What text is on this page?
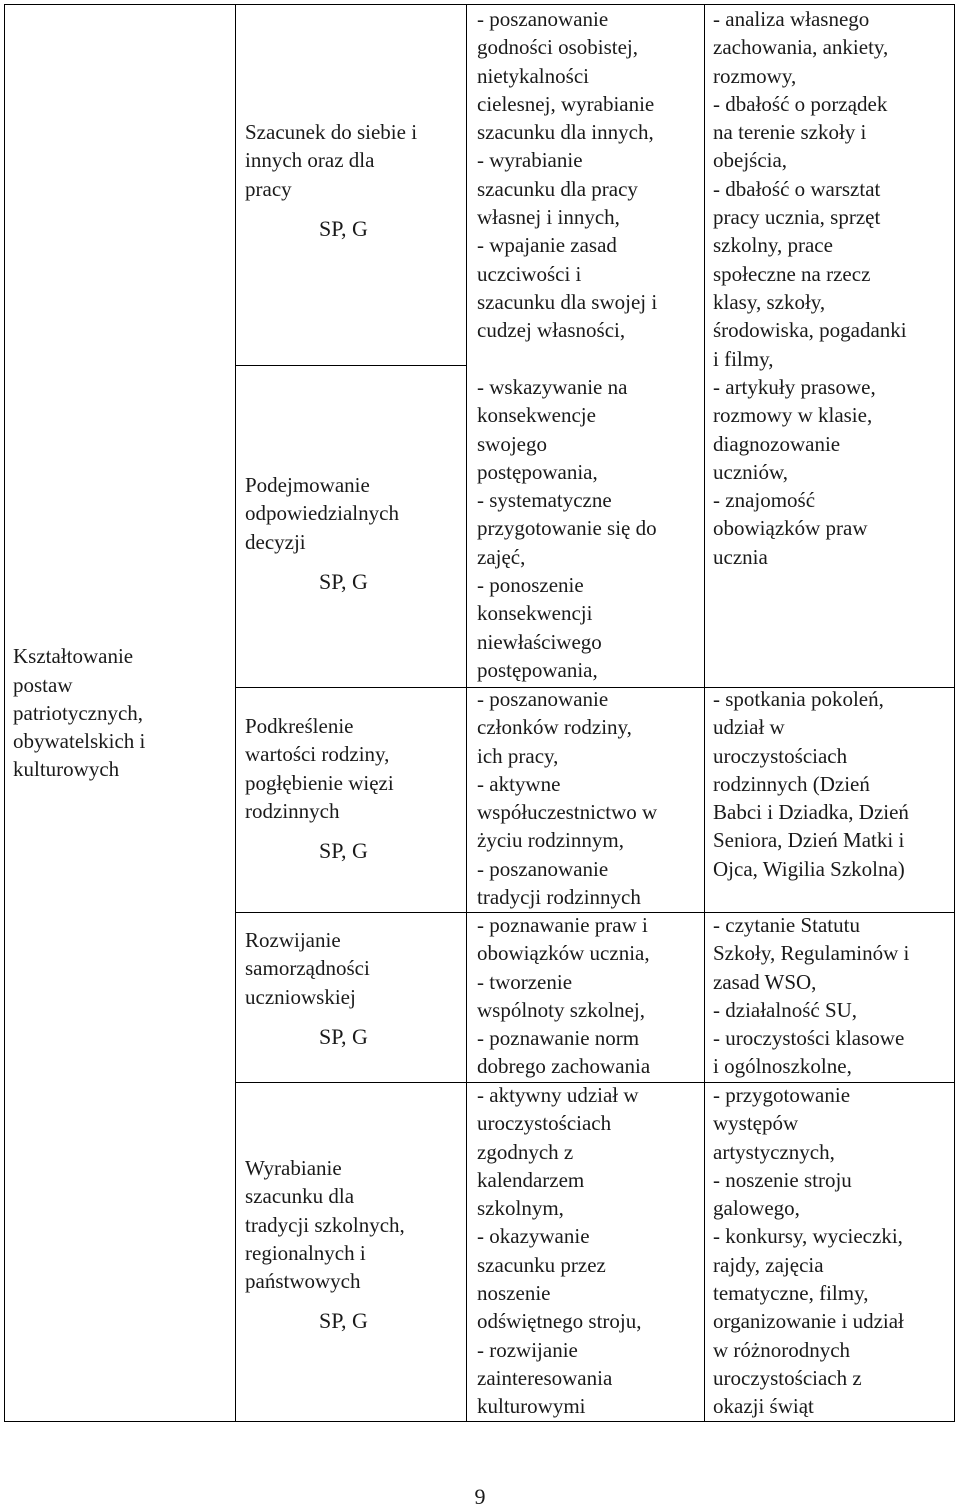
Kształtowanie
postaw
patriotycznych,
obywatelskich i
kulturowych
Szacunek do siebie i
innych oraz dla
pracy
SP, G
Podejmowanie
odpowiedzialnych
decyzji
SP, G
Podkreślenie
wartości rodziny,
pogłębienie więzi
rodzinnych
SP, G
Rozwijanie
samorządności
uczniowskiej
SP, G
Wyrabianie
szacunku dla
tradycji szkolnych,
regionalnych i
państwowych
SP, G
- poszanowanie
godności osobistej,
nietykalności
cielesnej, wyrabianie
szacunku dla innych,
- wyrabianie
szacunku dla pracy
własnej i innych,
- wpajanie zasad
uczciwości i
szacunku dla swojej i
cudzej własności,
- wskazywanie na
konsekwencje
swojego
postępowania,
- systematyczne
przygotowanie się do
zajęć,
- ponoszenie
konsekwencji
niewłaściwego
postępowania,
- poszanowanie
członków rodziny,
ich pracy,
- aktywne
współuczestnictwo w
życiu rodzinnym,
- poszanowanie
tradycji rodzinnych
- poznawanie praw i
obowiązków ucznia,
- tworzenie
wspólnoty szkolnej,
- poznawanie norm
dobrego zachowania
- aktywny udział w
uroczystościach
zgodnych z
kalendarzem
szkolnym,
- okazywanie
szacunku przez
noszenie
odświętnego stroju,
- rozwijanie
zainteresowania
kulturowymi
- analiza własnego
zachowania, ankiety,
rozmowy,
- dbałość o porządek
na terenie szkoły i
obejścia,
- dbałość o warsztat
pracy ucznia, sprzęt
szkolny, prace
społeczne na rzecz
klasy, szkoły,
środowiska, pogadanki
i filmy,
- artykuły prasowe,
rozmowy w klasie,
diagnozowanie
uczniów,
- znajomość
obowiązków praw
ucznia
- spotkania pokoleń,
udział w
uroczystościach
rodzinnych (Dzień
Babci i Dziadka, Dzień
Seniora, Dzień Matki i
Ojca, Wigilia Szkolna)
- czytanie Statutu
Szkoły, Regulaminów i
zasad WSO,
- działalność SU,
- uroczystości klasowe
i ogólnoszkolne,
- przygotowanie
występów
artystycznych,
- noszenie stroju
galowego,
- konkursy, wycieczki,
rajdy, zajęcia
tematyczne, filmy,
organizowanie i udział
w różnorodnych
uroczystościach z
okazji świąt
9
